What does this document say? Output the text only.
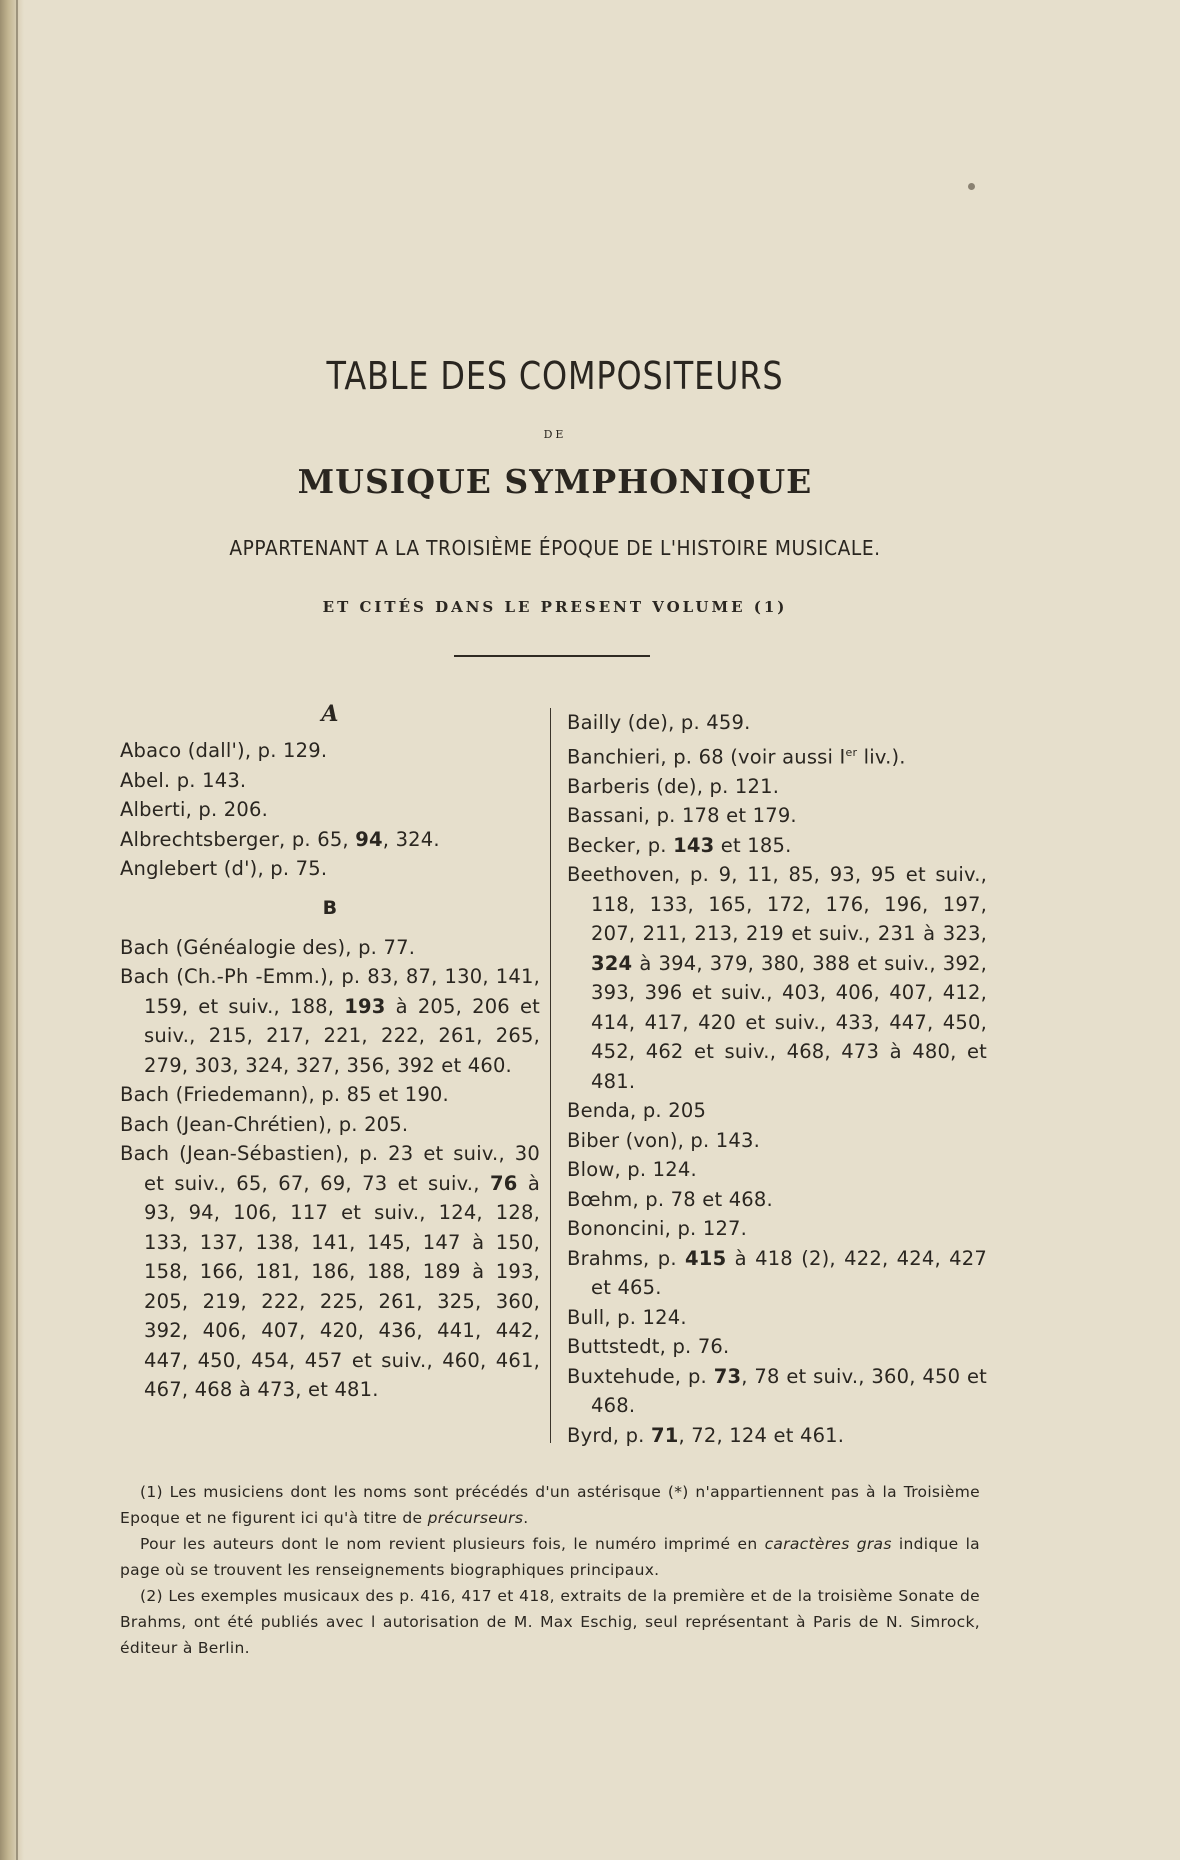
TABLE DES COMPOSITEURS
DE
MUSIQUE SYMPHONIQUE
APPARTENANT A LA TROISIÈME ÉPOQUE DE L'HISTOIRE MUSICALE.
ET CITÉS DANS LE PRESENT VOLUME (1)
A
Abaco (dall'), p. 129.
Abel. p. 143.
Alberti, p. 206.
Albrechtsberger, p. 65, 94, 324.
Anglebert (d'), p. 75.
B
Bach (Généalogie des), p. 77.
Bach (Ch.-Ph -Emm.), p. 83, 87, 130, 141, 159, et suiv., 188, 193 à 205, 206 et suiv., 215, 217, 221, 222, 261, 265, 279, 303, 324, 327, 356, 392 et 460.
Bach (Friedemann), p. 85 et 190.
Bach (Jean-Chrétien), p. 205.
Bach (Jean-Sébastien), p. 23 et suiv., 30 et suiv., 65, 67, 69, 73 et suiv., 76 à 93, 94, 106, 117 et suiv., 124, 128, 133, 137, 138, 141, 145, 147 à 150, 158, 166, 181, 186, 188, 189 à 193, 205, 219, 222, 225, 261, 325, 360, 392, 406, 407, 420, 436, 441, 442, 447, 450, 454, 457 et suiv., 460, 461, 467, 468 à 473, et 481.
Bailly (de), p. 459.
Banchieri, p. 68 (voir aussi Ier liv.).
Barberis (de), p. 121.
Bassani, p. 178 et 179.
Becker, p. 143 et 185.
Beethoven, p. 9, 11, 85, 93, 95 et suiv., 118, 133, 165, 172, 176, 196, 197, 207, 211, 213, 219 et suiv., 231 à 323, 324 à 394, 379, 380, 388 et suiv., 392, 393, 396 et suiv., 403, 406, 407, 412, 414, 417, 420 et suiv., 433, 447, 450, 452, 462 et suiv., 468, 473 à 480, et 481.
Benda, p. 205
Biber (von), p. 143.
Blow, p. 124.
Bœhm, p. 78 et 468.
Bononcini, p. 127.
Brahms, p. 415 à 418 (2), 422, 424, 427 et 465.
Bull, p. 124.
Buttstedt, p. 76.
Buxtehude, p. 73, 78 et suiv., 360, 450 et 468.
Byrd, p. 71, 72, 124 et 461.
(1) Les musiciens dont les noms sont précédés d'un astérisque (*) n'appartiennent pas à la Troisième Epoque et ne figurent ici qu'à titre de précurseurs.
Pour les auteurs dont le nom revient plusieurs fois, le numéro imprimé en caractères gras indique la page où se trouvent les renseignements biographiques principaux.
(2) Les exemples musicaux des p. 416, 417 et 418, extraits de la première et de la troisième Sonate de Brahms, ont été publiés avec l autorisation de M. Max Eschig, seul représentant à Paris de N. Simrock, éditeur à Berlin.
